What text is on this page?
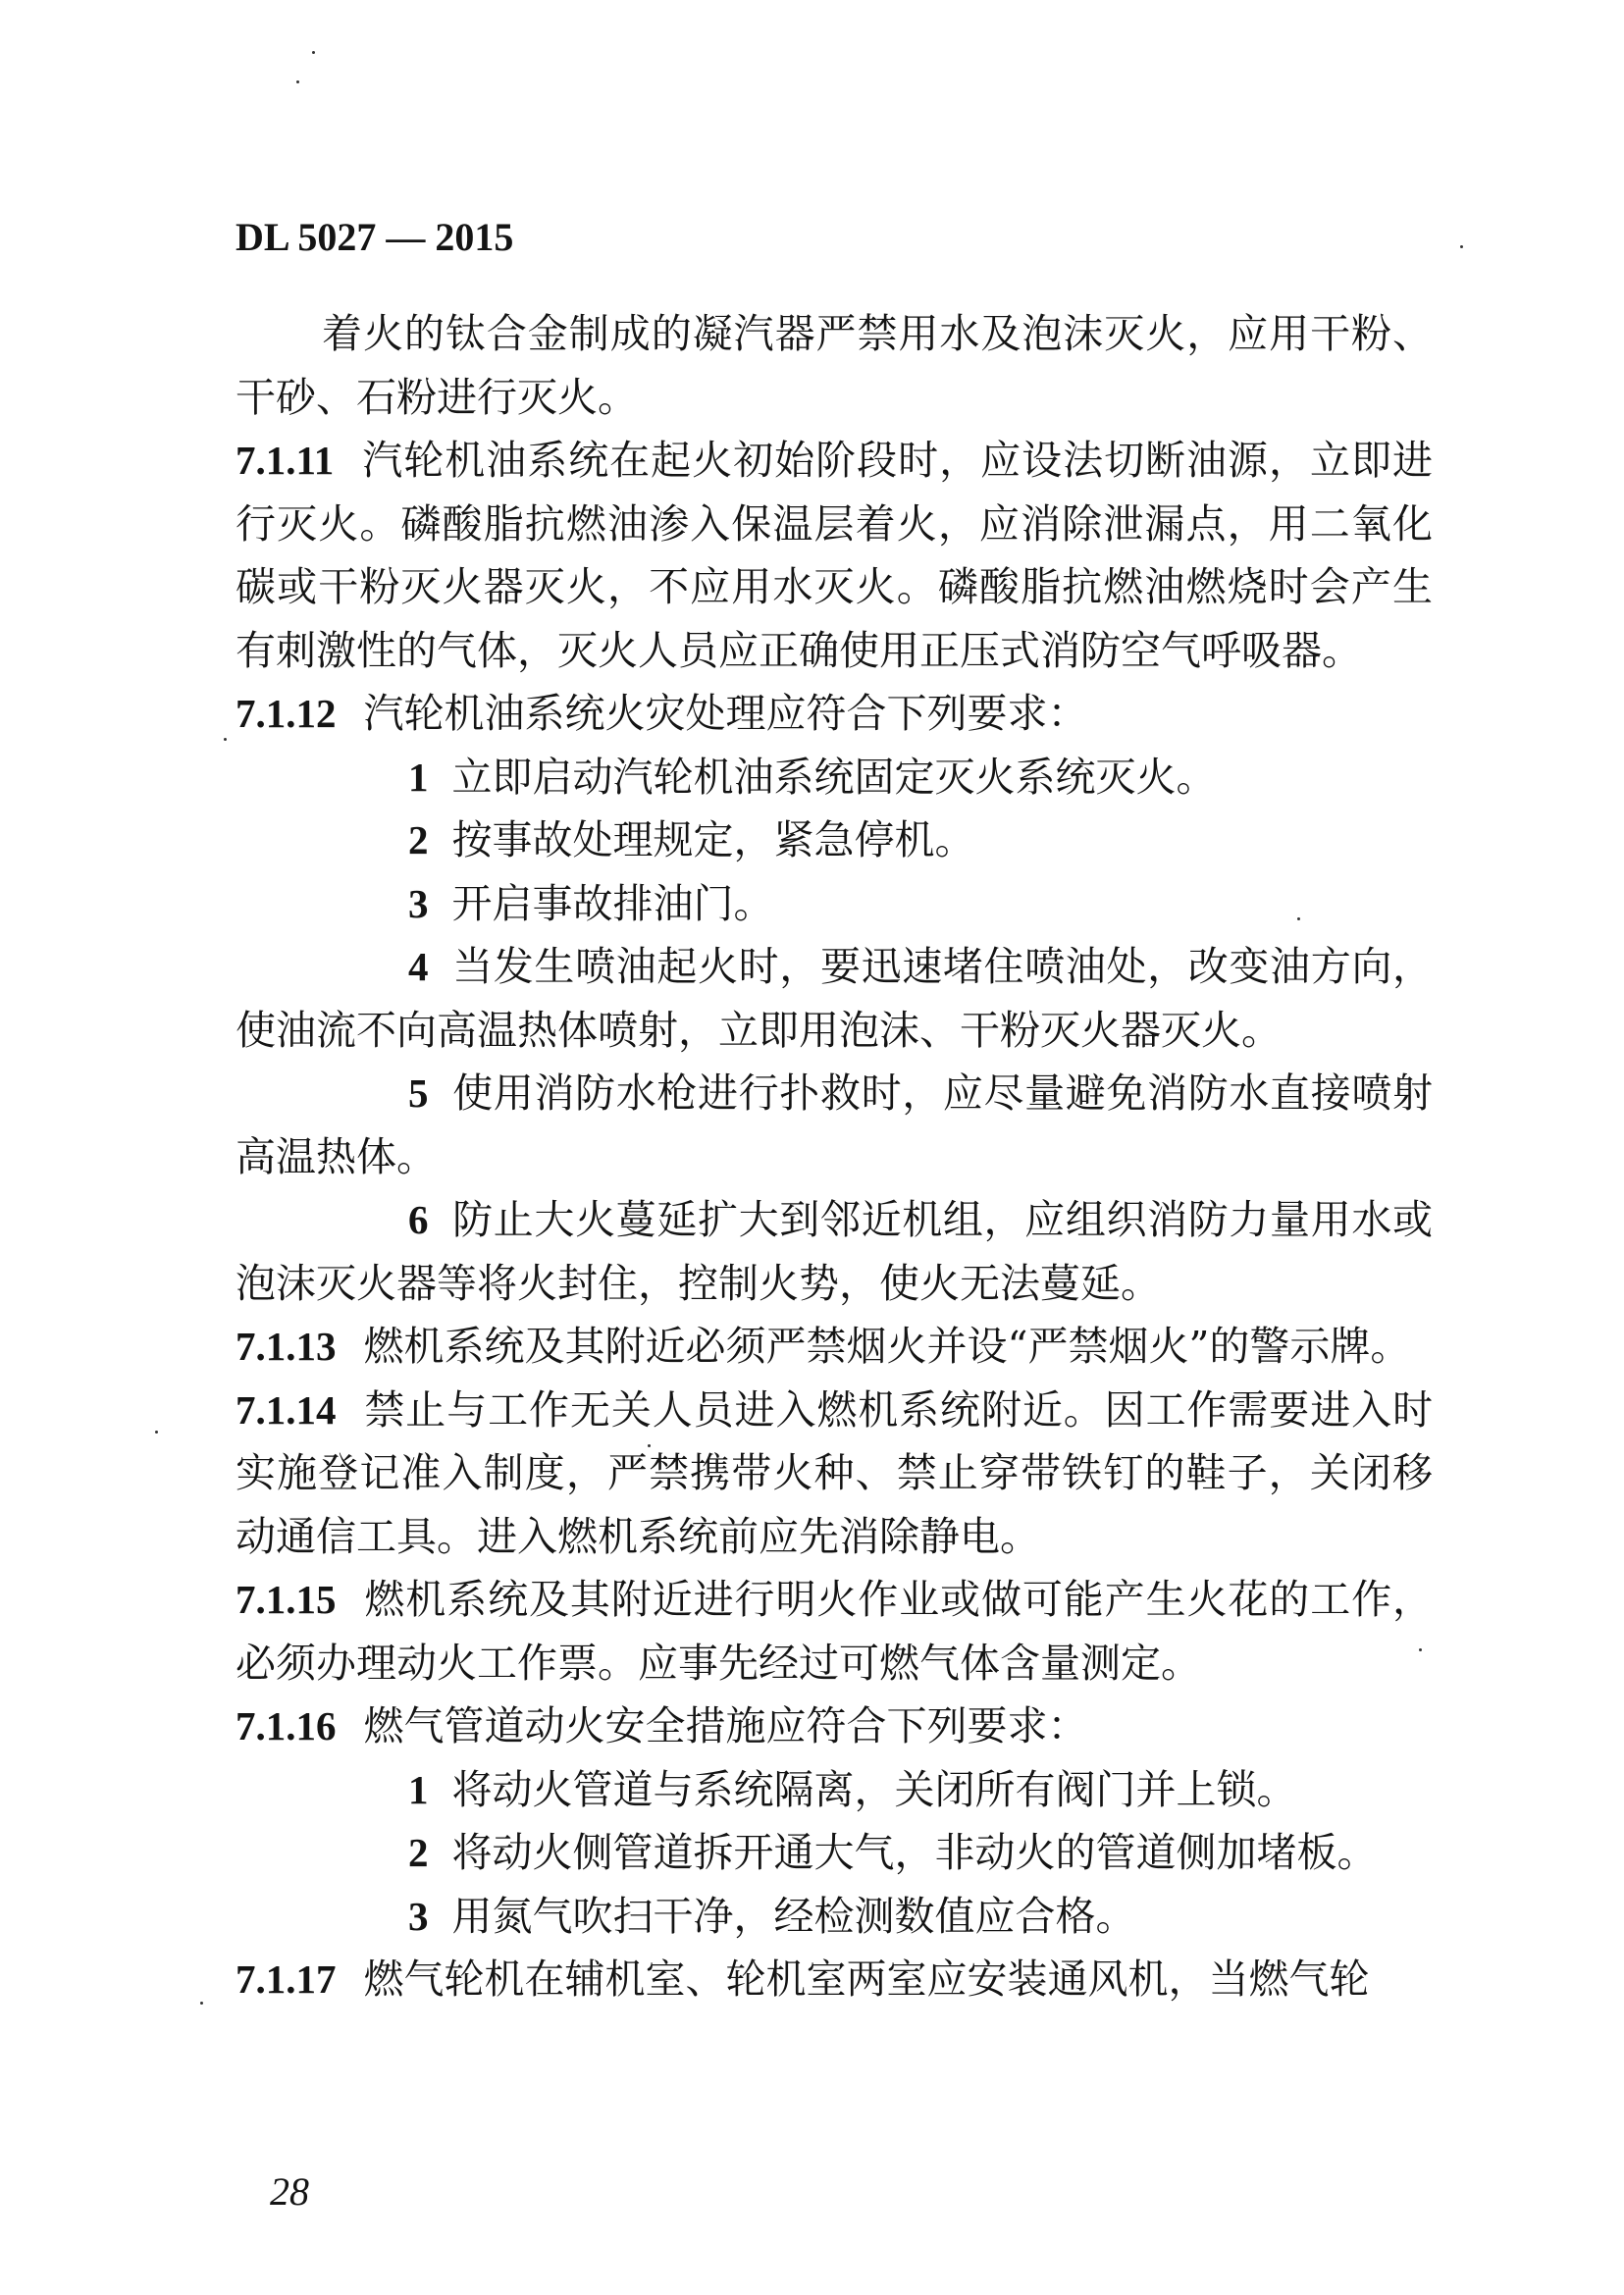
DL 5027 — 2015

着火的钛合金制成的凝汽器严禁用水及泡沫灭火，应用干粉、干砂、石粉进行灭火。

7.1.11 汽轮机油系统在起火初始阶段时，应设法切断油源，立即进行灭火。磷酸脂抗燃油渗入保温层着火，应消除泄漏点，用二氧化碳或干粉灭火器灭火，不应用水灭火。磷酸脂抗燃油燃烧时会产生有刺激性的气体，灭火人员应正确使用正压式消防空气呼吸器。

7.1.12 汽轮机油系统火灾处理应符合下列要求：

1 立即启动汽轮机油系统固定灭火系统灭火。

2 按事故处理规定，紧急停机。

3 开启事故排油门。

4 当发生喷油起火时，要迅速堵住喷油处，改变油方向，使油流不向高温热体喷射，立即用泡沫、干粉灭火器灭火。

5 使用消防水枪进行扑救时，应尽量避免消防水直接喷射高温热体。

6 防止大火蔓延扩大到邻近机组，应组织消防力量用水或泡沫灭火器等将火封住，控制火势，使火无法蔓延。

7.1.13 燃机系统及其附近必须严禁烟火并设“严禁烟火”的警示牌。

7.1.14 禁止与工作无关人员进入燃机系统附近。因工作需要进入时实施登记准入制度，严禁携带火种、禁止穿带铁钉的鞋子，关闭移动通信工具。进入燃机系统前应先消除静电。

7.1.15 燃机系统及其附近进行明火作业或做可能产生火花的工作，必须办理动火工作票。应事先经过可燃气体含量测定。

7.1.16 燃气管道动火安全措施应符合下列要求：

1 将动火管道与系统隔离，关闭所有阀门并上锁。

2 将动火侧管道拆开通大气，非动火的管道侧加堵板。

3 用氮气吹扫干净，经检测数值应合格。

7.1.17 燃气轮机在辅机室、轮机室两室应安装通风机，当燃气轮

28
